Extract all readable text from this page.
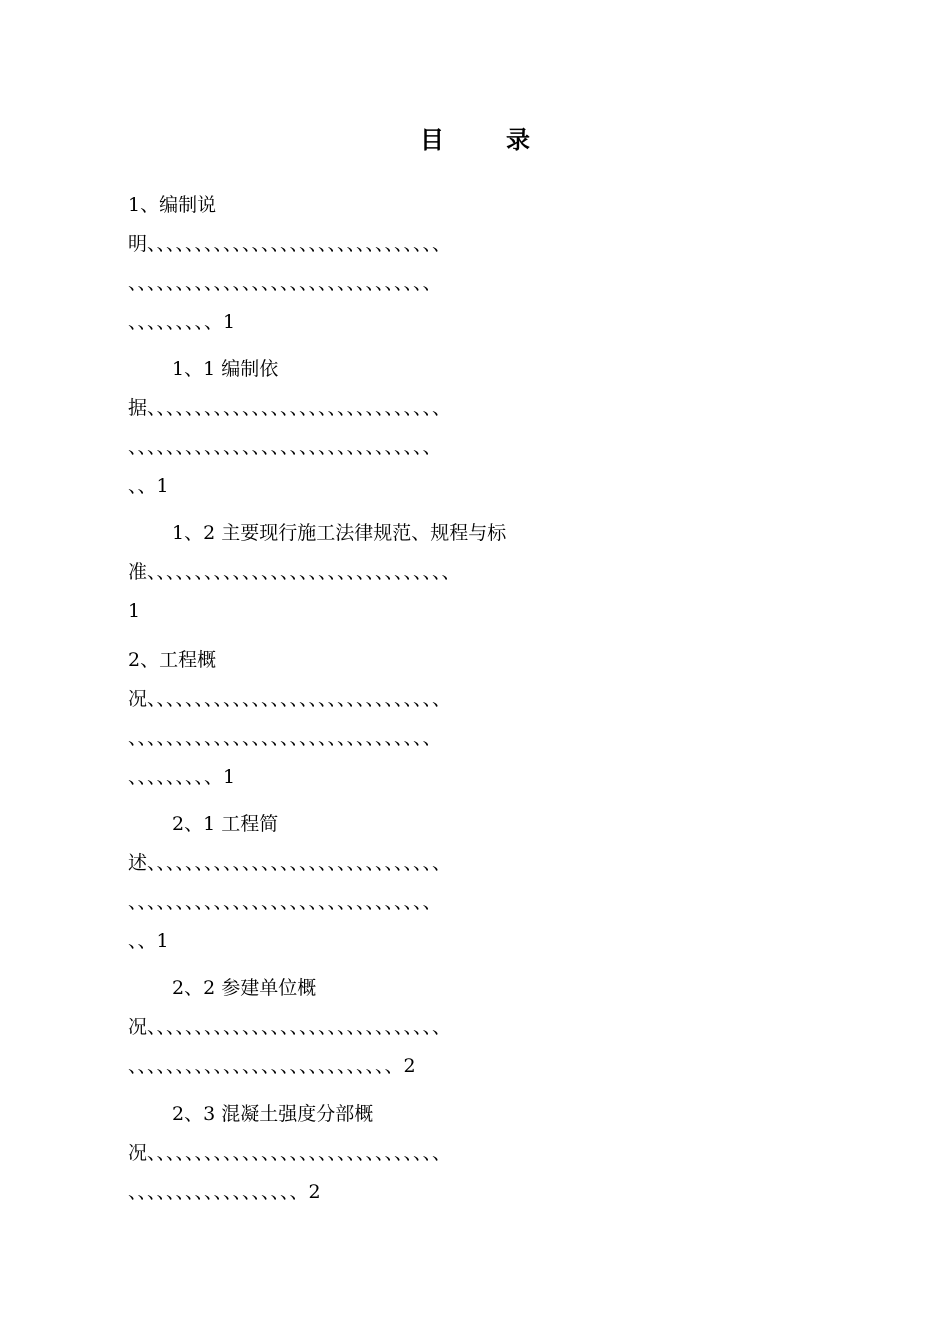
目	录
1、编制说
明、、、、、、、、、、、、、、、、、、、、、、、、、、、、、、、
、、、、、、、、、、、、、、、、、、、、、、、、、、、、、、、、
、、、、、、、、、1
1、1 编制依
据、、、、、、、、、、、、、、、、、、、、、、、、、、、、、、、
、、、、、、、、、、、、、、、、、、、、、、、、、、、、、、、、
、、1
1、2 主要现行施工法律规范、规程与标
准、、、、、、、、、、、、、、、、、、、、、、、、、、、、、、、、
1
2、工程概
况、、、、、、、、、、、、、、、、、、、、、、、、、、、、、、、
、、、、、、、、、、、、、、、、、、、、、、、、、、、、、、、、
、、、、、、、、、1
2、1 工程简
述、、、、、、、、、、、、、、、、、、、、、、、、、、、、、、、
、、、、、、、、、、、、、、、、、、、、、、、、、、、、、、、、
、、1
2、2 参建单位概
况、、、、、、、、、、、、、、、、、、、、、、、、、、、、、、、
、、、、、、、、、、、、、、、、、、、、、、、、、、、、2
2、3 混凝土强度分部概
况、、、、、、、、、、、、、、、、、、、、、、、、、、、、、、、
、、、、、、、、、、、、、、、、、、2
